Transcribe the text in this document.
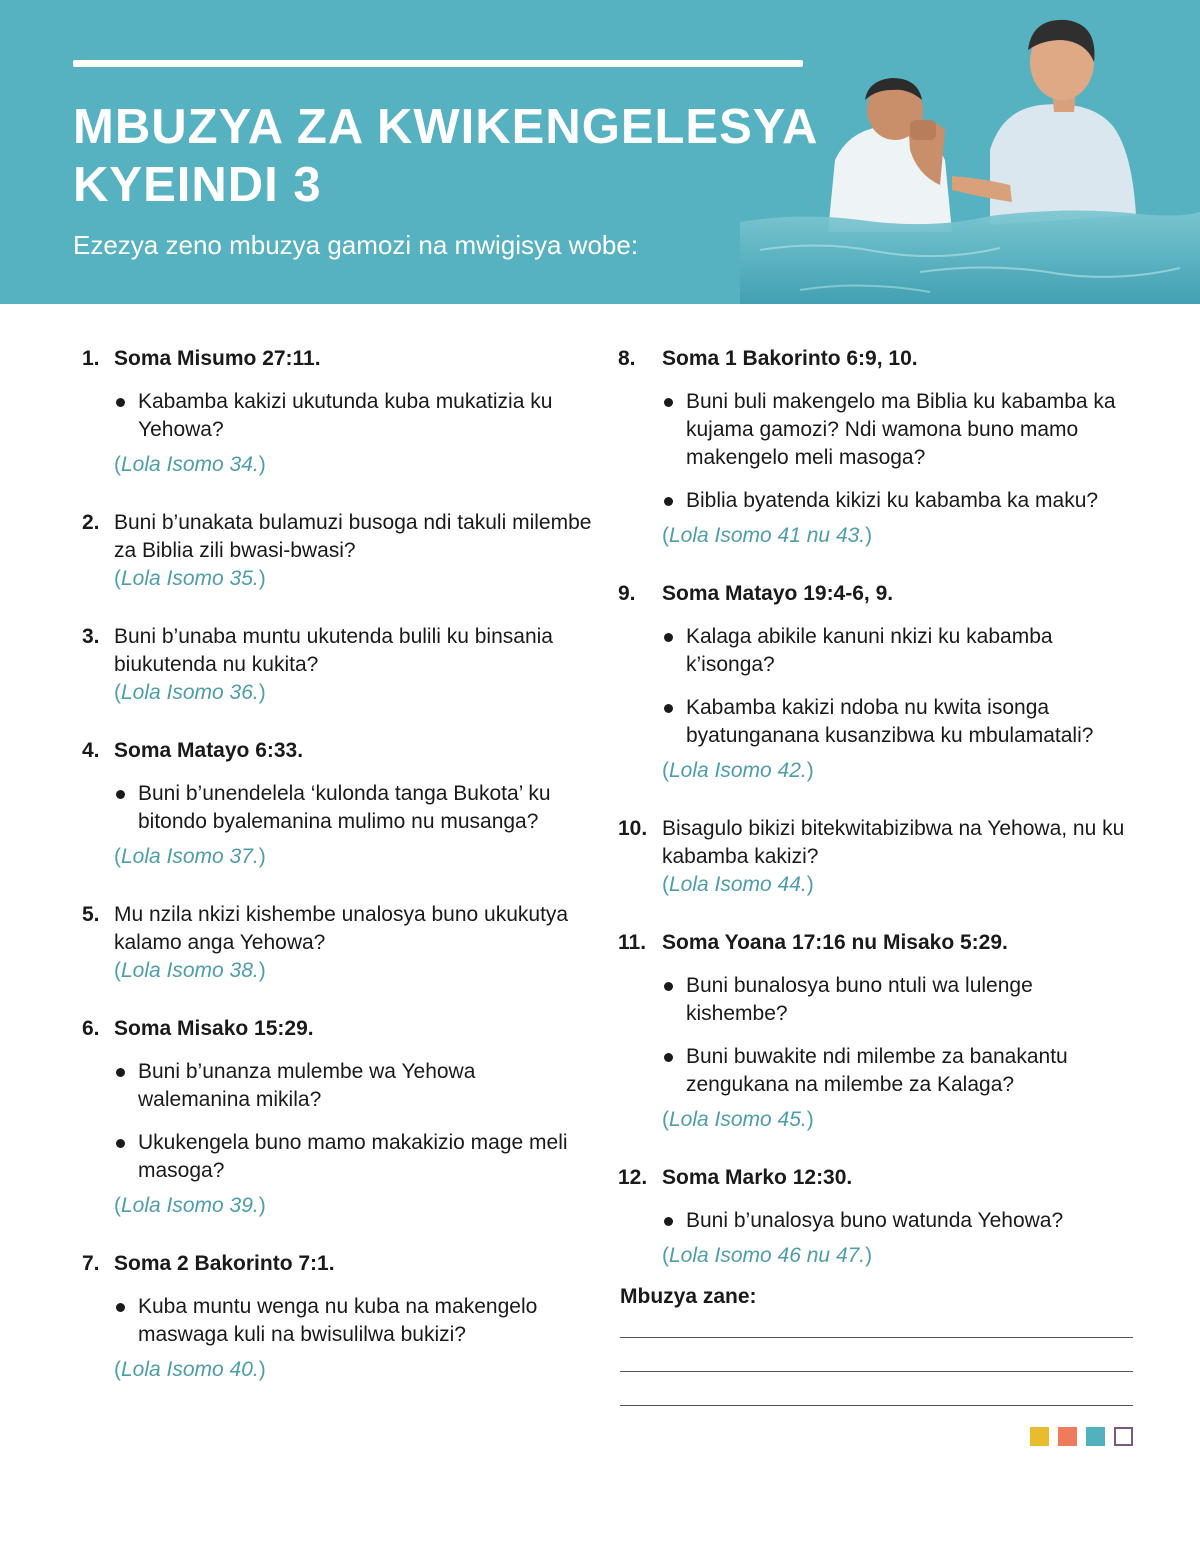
MBUZYA ZA KWIKENGELESYA
KYEINDI 3

Ezezya zeno mbuzya gamozi na mwigisya wobe:

1. Soma Misumo 27:11.
Kabamba kakizi ukutunda kuba mukatizia ku Yehowa?
(Lola Isomo 34.)
2. Buni b’unakata bulamuzi busoga ndi takuli milembe za Biblia zili bwasi-bwasi?
(Lola Isomo 35.)
3. Buni b’unaba muntu ukutenda bulili ku binsania biukutenda nu kukita?
(Lola Isomo 36.)
4. Soma Matayo 6:33.
Buni b’unendelela ‘kulonda tanga Bukota’ ku bitondo byalemanina mulimo nu musanga?
(Lola Isomo 37.)
5. Mu nzila nkizi kishembe unalosya buno ukukutya kalamo anga Yehowa?
(Lola Isomo 38.)
6. Soma Misako 15:29.
Buni b’unanza mulembe wa Yehowa walemanina mikila?
Ukukengela buno mamo makakizio mage meli masoga?
(Lola Isomo 39.)
7. Soma 2 Bakorinto 7:1.
Kuba muntu wenga nu kuba na makengelo maswaga kuli na bwisulilwa bukizi?
(Lola Isomo 40.)
8. Soma 1 Bakorinto 6:9, 10.
Buni buli makengelo ma Biblia ku kabamba ka kujama gamozi? Ndi wamona buno mamo makengelo meli masoga?
Biblia byatenda kikizi ku kabamba ka maku?
(Lola Isomo 41 nu 43.)
9. Soma Matayo 19:4-6, 9.
Kalaga abikile kanuni nkizi ku kabamba k’isonga?
Kabamba kakizi ndoba nu kwita isonga byatunganana kusanzibwa ku mbulamatali?
(Lola Isomo 42.)
10. Bisagulo bikizi bitekwitabizibwa na Yehowa, nu ku kabamba kakizi?
(Lola Isomo 44.)
11. Soma Yoana 17:16 nu Misako 5:29.
Buni bunalosya buno ntuli wa lulenge kishembe?
Buni buwakite ndi milembe za banakantu zengukana na milembe za Kalaga?
(Lola Isomo 45.)
12. Soma Marko 12:30.
Buni b’unalosya buno watunda Yehowa?
(Lola Isomo 46 nu 47.)

Mbuzya zane:
